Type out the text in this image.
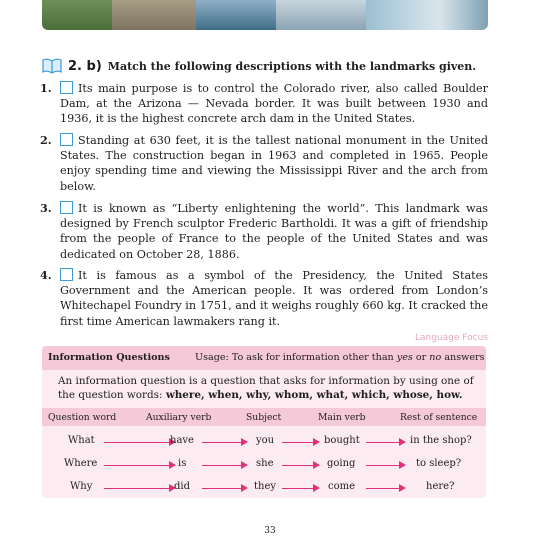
2. b) Match the following descriptions with the landmarks given.
1.	Its main purpose is to control the Colorado river, also called Boulder Dam, at the Arizona — Nevada border. It was built between 1930 and 1936, it is the highest concrete arch dam in the United States.
2.	Standing at 630 feet, it is the tallest national monument in the United States. The construction began in 1963 and completed in 1965. People enjoy spending time and viewing the Mississippi River and the arch from below.
3.	It is known as “Liberty enlightening the world”. This landmark was designed by French sculptor Frederic Bartholdi. It was a gift of friendship from the people of France to the people of the United States and was dedicated on October 28, 1886.
4.	It is famous as a symbol of the Presidency, the United States Government and the American people. It was ordered from London’s Whitechapel Foundry in 1751, and it weighs roughly 660 kg. It cracked the first time American lawmakers rang it.
Language Focus
Information Questions	Usage: To ask for information other than yes or no answers
An information question is a question that asks for information by using one of the question words: where, when, why, whom, what, which, whose, how.
Question word	Auxiliary verb	Subject	Main verb	Rest of sentence
What	have	you	bought	in the shop?
Where	is	she	going	to sleep?
Why	did	they	come	here?
33
